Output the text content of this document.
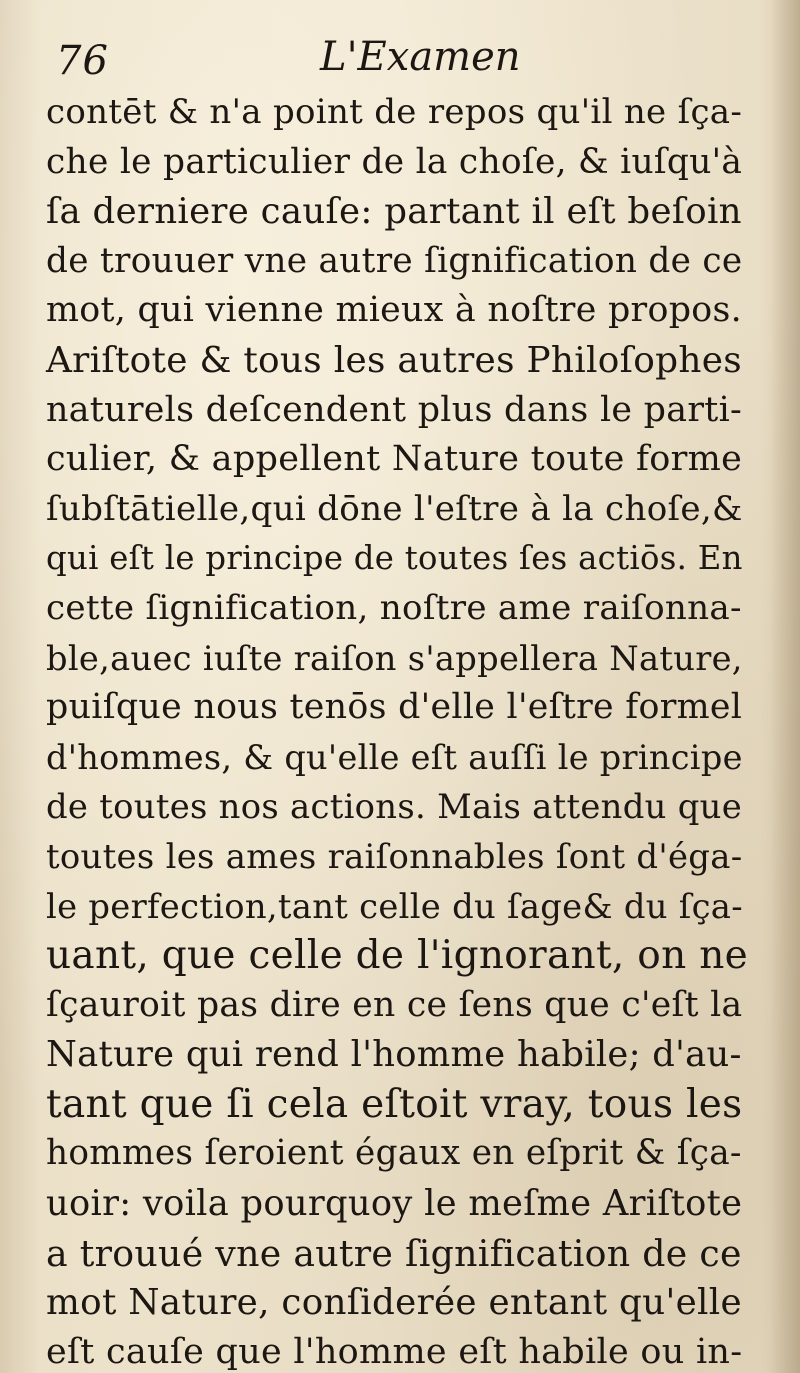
76	L'Examen
contēt & n'a point de repos qu'il ne ſça-
che le particulier de la choſe, & iuſqu'à
ſa derniere cauſe: partant il eſt beſoin
de trouuer vne autre ſignification de ce
mot, qui vienne mieux à noſtre propos.
Ariſtote & tous les autres Philoſophes
naturels deſcendent plus dans le parti-
culier, & appellent Nature toute forme
ſubſtātielle,qui dōne l'eſtre à la choſe,&
qui eſt le principe de toutes ſes actiōs. En
cette ſignification, noſtre ame raiſonna-
ble,auec iuſte raiſon s'appellera Nature,
puiſque nous tenōs d'elle l'eſtre formel
d'hommes, & qu'elle eſt auſſi le principe
de toutes nos actions. Mais attendu que
toutes les ames raiſonnables ſont d'éga-
le perfection,tant celle du ſage& du ſça-
uant, que celle de l'ignorant, on ne
ſçauroit pas dire en ce ſens que c'eſt la
Nature qui rend l'homme habile; d'au-
tant que ſi cela eſtoit vray, tous les
hommes ſeroient égaux en eſprit & ſça-
uoir: voila pourquoy le meſme Ariſtote
a trouué vne autre ſignification de ce
mot Nature, conſiderée entant qu'elle
eſt cauſe que l'homme eſt habile ou in-
